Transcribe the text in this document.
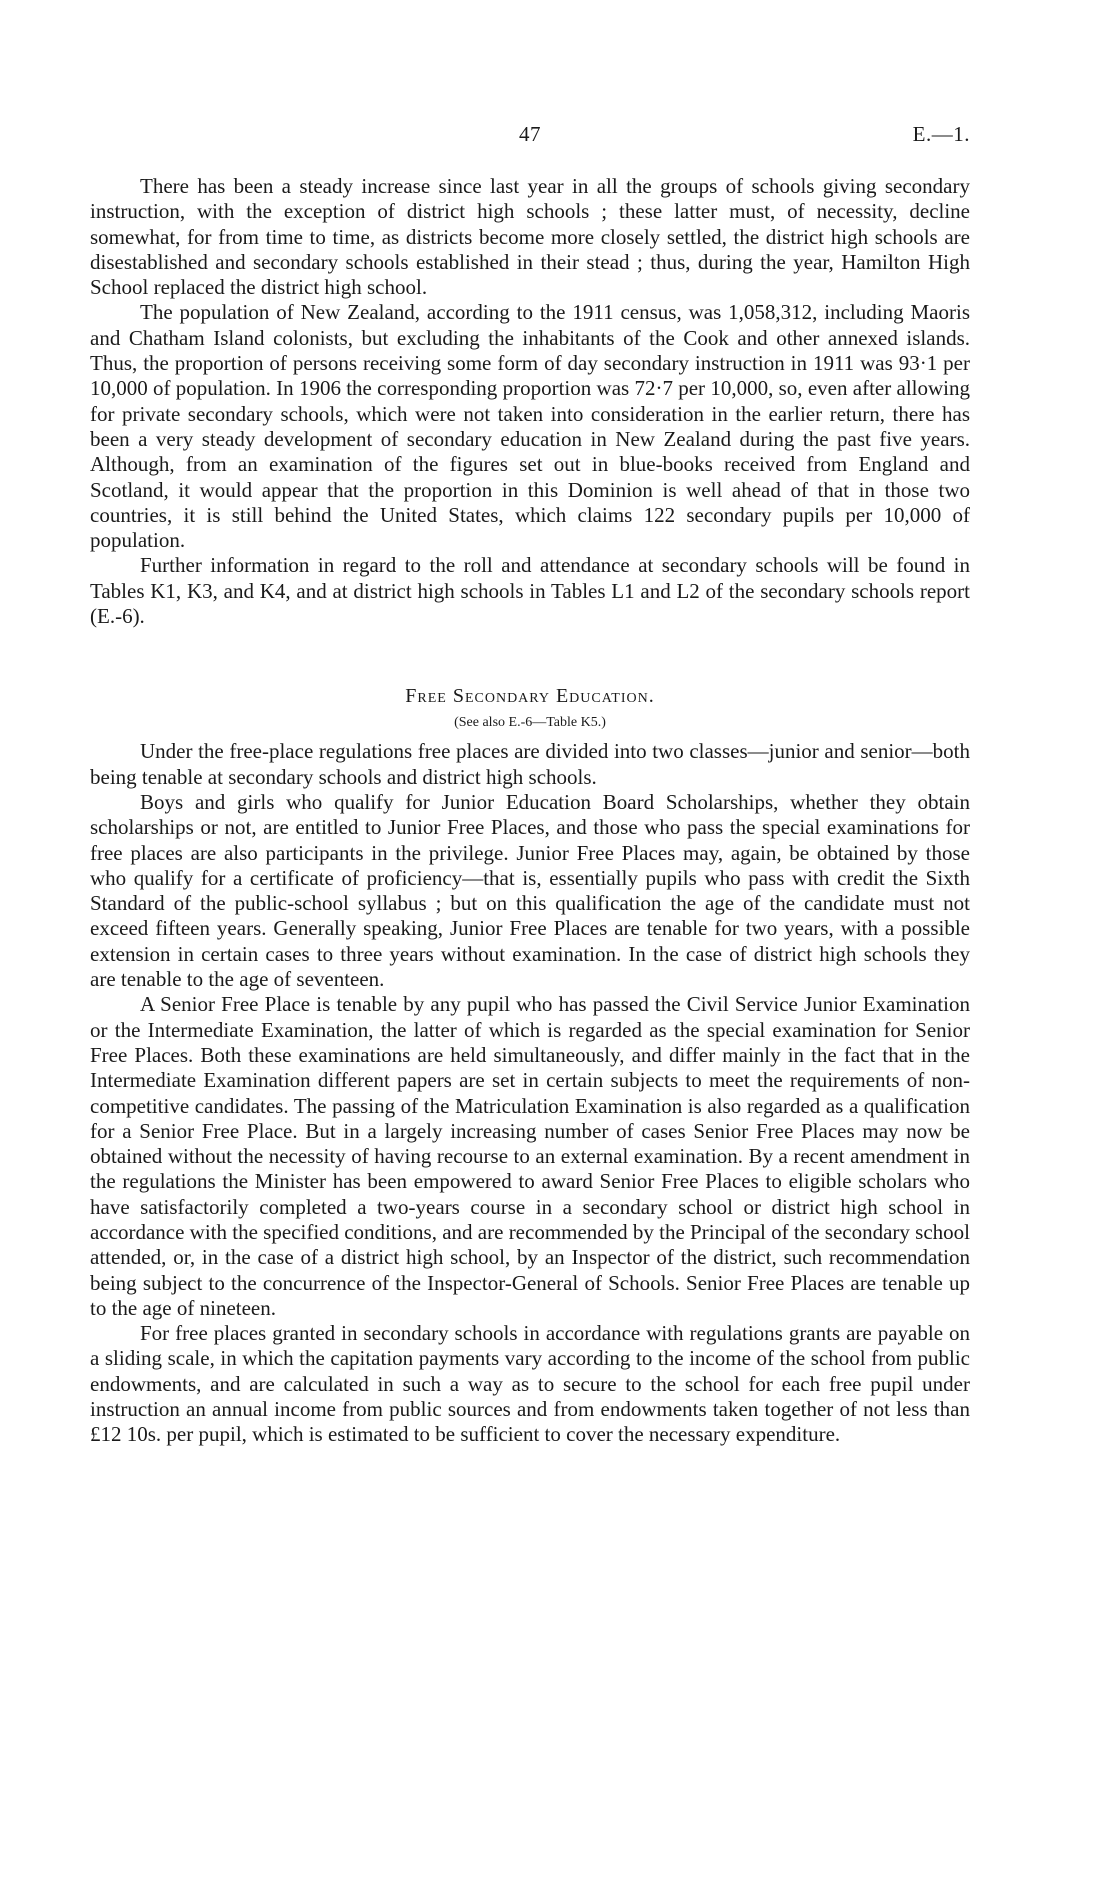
47	E.—1.

There has been a steady increase since last year in all the groups of schools giving secondary instruction, with the exception of district high schools ; these latter must, of necessity, decline somewhat, for from time to time, as districts become more closely settled, the district high schools are disestablished and secondary schools established in their stead ; thus, during the year, Hamilton High School replaced the district high school.

The population of New Zealand, according to the 1911 census, was 1,058,312, including Maoris and Chatham Island colonists, but excluding the inhabitants of the Cook and other annexed islands. Thus, the proportion of persons receiving some form of day secondary instruction in 1911 was 93·1 per 10,000 of population. In 1906 the corresponding proportion was 72·7 per 10,000, so, even after allowing for private secondary schools, which were not taken into consideration in the earlier return, there has been a very steady development of secondary education in New Zealand during the past five years. Although, from an examination of the figures set out in blue-books received from England and Scotland, it would appear that the proportion in this Dominion is well ahead of that in those two countries, it is still behind the United States, which claims 122 secondary pupils per 10,000 of population.

Further information in regard to the roll and attendance at secondary schools will be found in Tables K1, K3, and K4, and at district high schools in Tables L1 and L2 of the secondary schools report (E.-6).

Free Secondary Education.
(See also E.-6—Table K5.)

Under the free-place regulations free places are divided into two classes—junior and senior—both being tenable at secondary schools and district high schools.

Boys and girls who qualify for Junior Education Board Scholarships, whether they obtain scholarships or not, are entitled to Junior Free Places, and those who pass the special examinations for free places are also participants in the privilege. Junior Free Places may, again, be obtained by those who qualify for a certificate of proficiency—that is, essentially pupils who pass with credit the Sixth Standard of the public-school syllabus ; but on this qualification the age of the candidate must not exceed fifteen years. Generally speaking, Junior Free Places are tenable for two years, with a possible extension in certain cases to three years without examination. In the case of district high schools they are tenable to the age of seventeen.

A Senior Free Place is tenable by any pupil who has passed the Civil Service Junior Examination or the Intermediate Examination, the latter of which is regarded as the special examination for Senior Free Places. Both these examinations are held simultaneously, and differ mainly in the fact that in the Intermediate Examination different papers are set in certain subjects to meet the requirements of non-competitive candidates. The passing of the Matriculation Examination is also regarded as a qualification for a Senior Free Place. But in a largely increasing number of cases Senior Free Places may now be obtained without the necessity of having recourse to an external examination. By a recent amendment in the regulations the Minister has been empowered to award Senior Free Places to eligible scholars who have satisfactorily completed a two-years course in a secondary school or district high school in accordance with the specified conditions, and are recommended by the Principal of the secondary school attended, or, in the case of a district high school, by an Inspector of the district, such recommendation being subject to the concurrence of the Inspector-General of Schools. Senior Free Places are tenable up to the age of nineteen.

For free places granted in secondary schools in accordance with regulations grants are payable on a sliding scale, in which the capitation payments vary according to the income of the school from public endowments, and are calculated in such a way as to secure to the school for each free pupil under instruction an annual income from public sources and from endowments taken together of not less than £12 10s. per pupil, which is estimated to be sufficient to cover the necessary expenditure.
